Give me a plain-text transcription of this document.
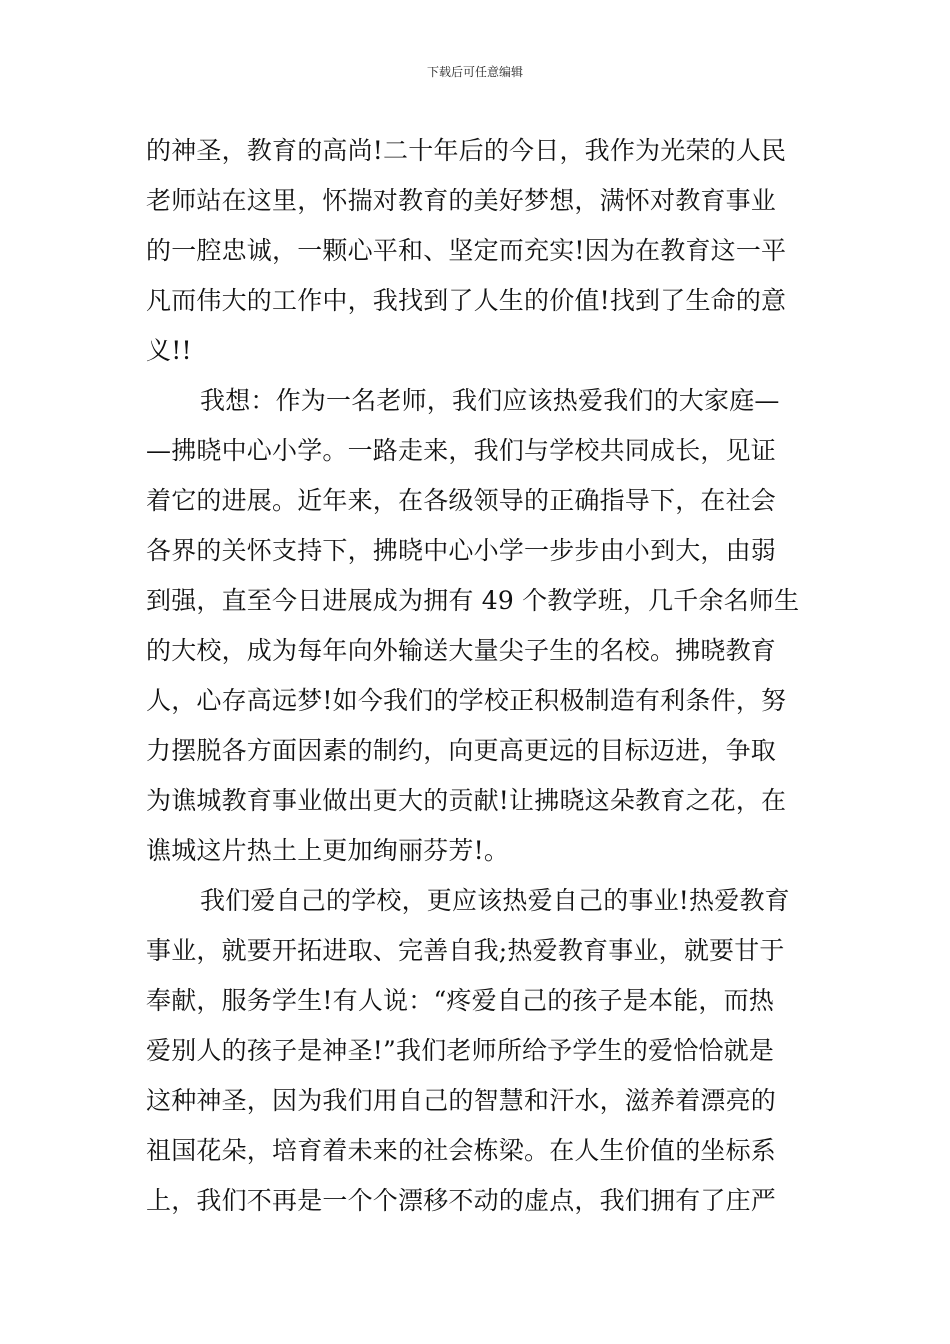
下载后可任意编辑
的神圣，教育的高尚!二十年后的今日，我作为光荣的人民
老师站在这里，怀揣对教育的美好梦想，满怀对教育事业
的一腔忠诚，一颗心平和、坚定而充实!因为在教育这一平
凡而伟大的工作中，我找到了人生的价值!找到了生命的意
义!!
我想：作为一名老师，我们应该热爱我们的大家庭—
—拂晓中心小学。一路走来，我们与学校共同成长，见证
着它的进展。近年来，在各级领导的正确指导下，在社会
各界的关怀支持下，拂晓中心小学一步步由小到大，由弱
到强，直至今日进展成为拥有 49 个教学班，几千余名师生
的大校，成为每年向外输送大量尖子生的名校。拂晓教育
人，心存高远梦!如今我们的学校正积极制造有利条件，努
力摆脱各方面因素的制约，向更高更远的目标迈进，争取
为谯城教育事业做出更大的贡献!让拂晓这朵教育之花，在
谯城这片热土上更加绚丽芬芳!。
我们爱自己的学校，更应该热爱自己的事业!热爱教育
事业，就要开拓进取、完善自我;热爱教育事业，就要甘于
奉献，服务学生!有人说：“疼爱自己的孩子是本能，而热
爱别人的孩子是神圣!”我们老师所给予学生的爱恰恰就是
这种神圣，因为我们用自己的智慧和汗水，滋养着漂亮的
祖国花朵，培育着未来的社会栋梁。在人生价值的坐标系
上，我们不再是一个个漂移不动的虚点，我们拥有了庄严
